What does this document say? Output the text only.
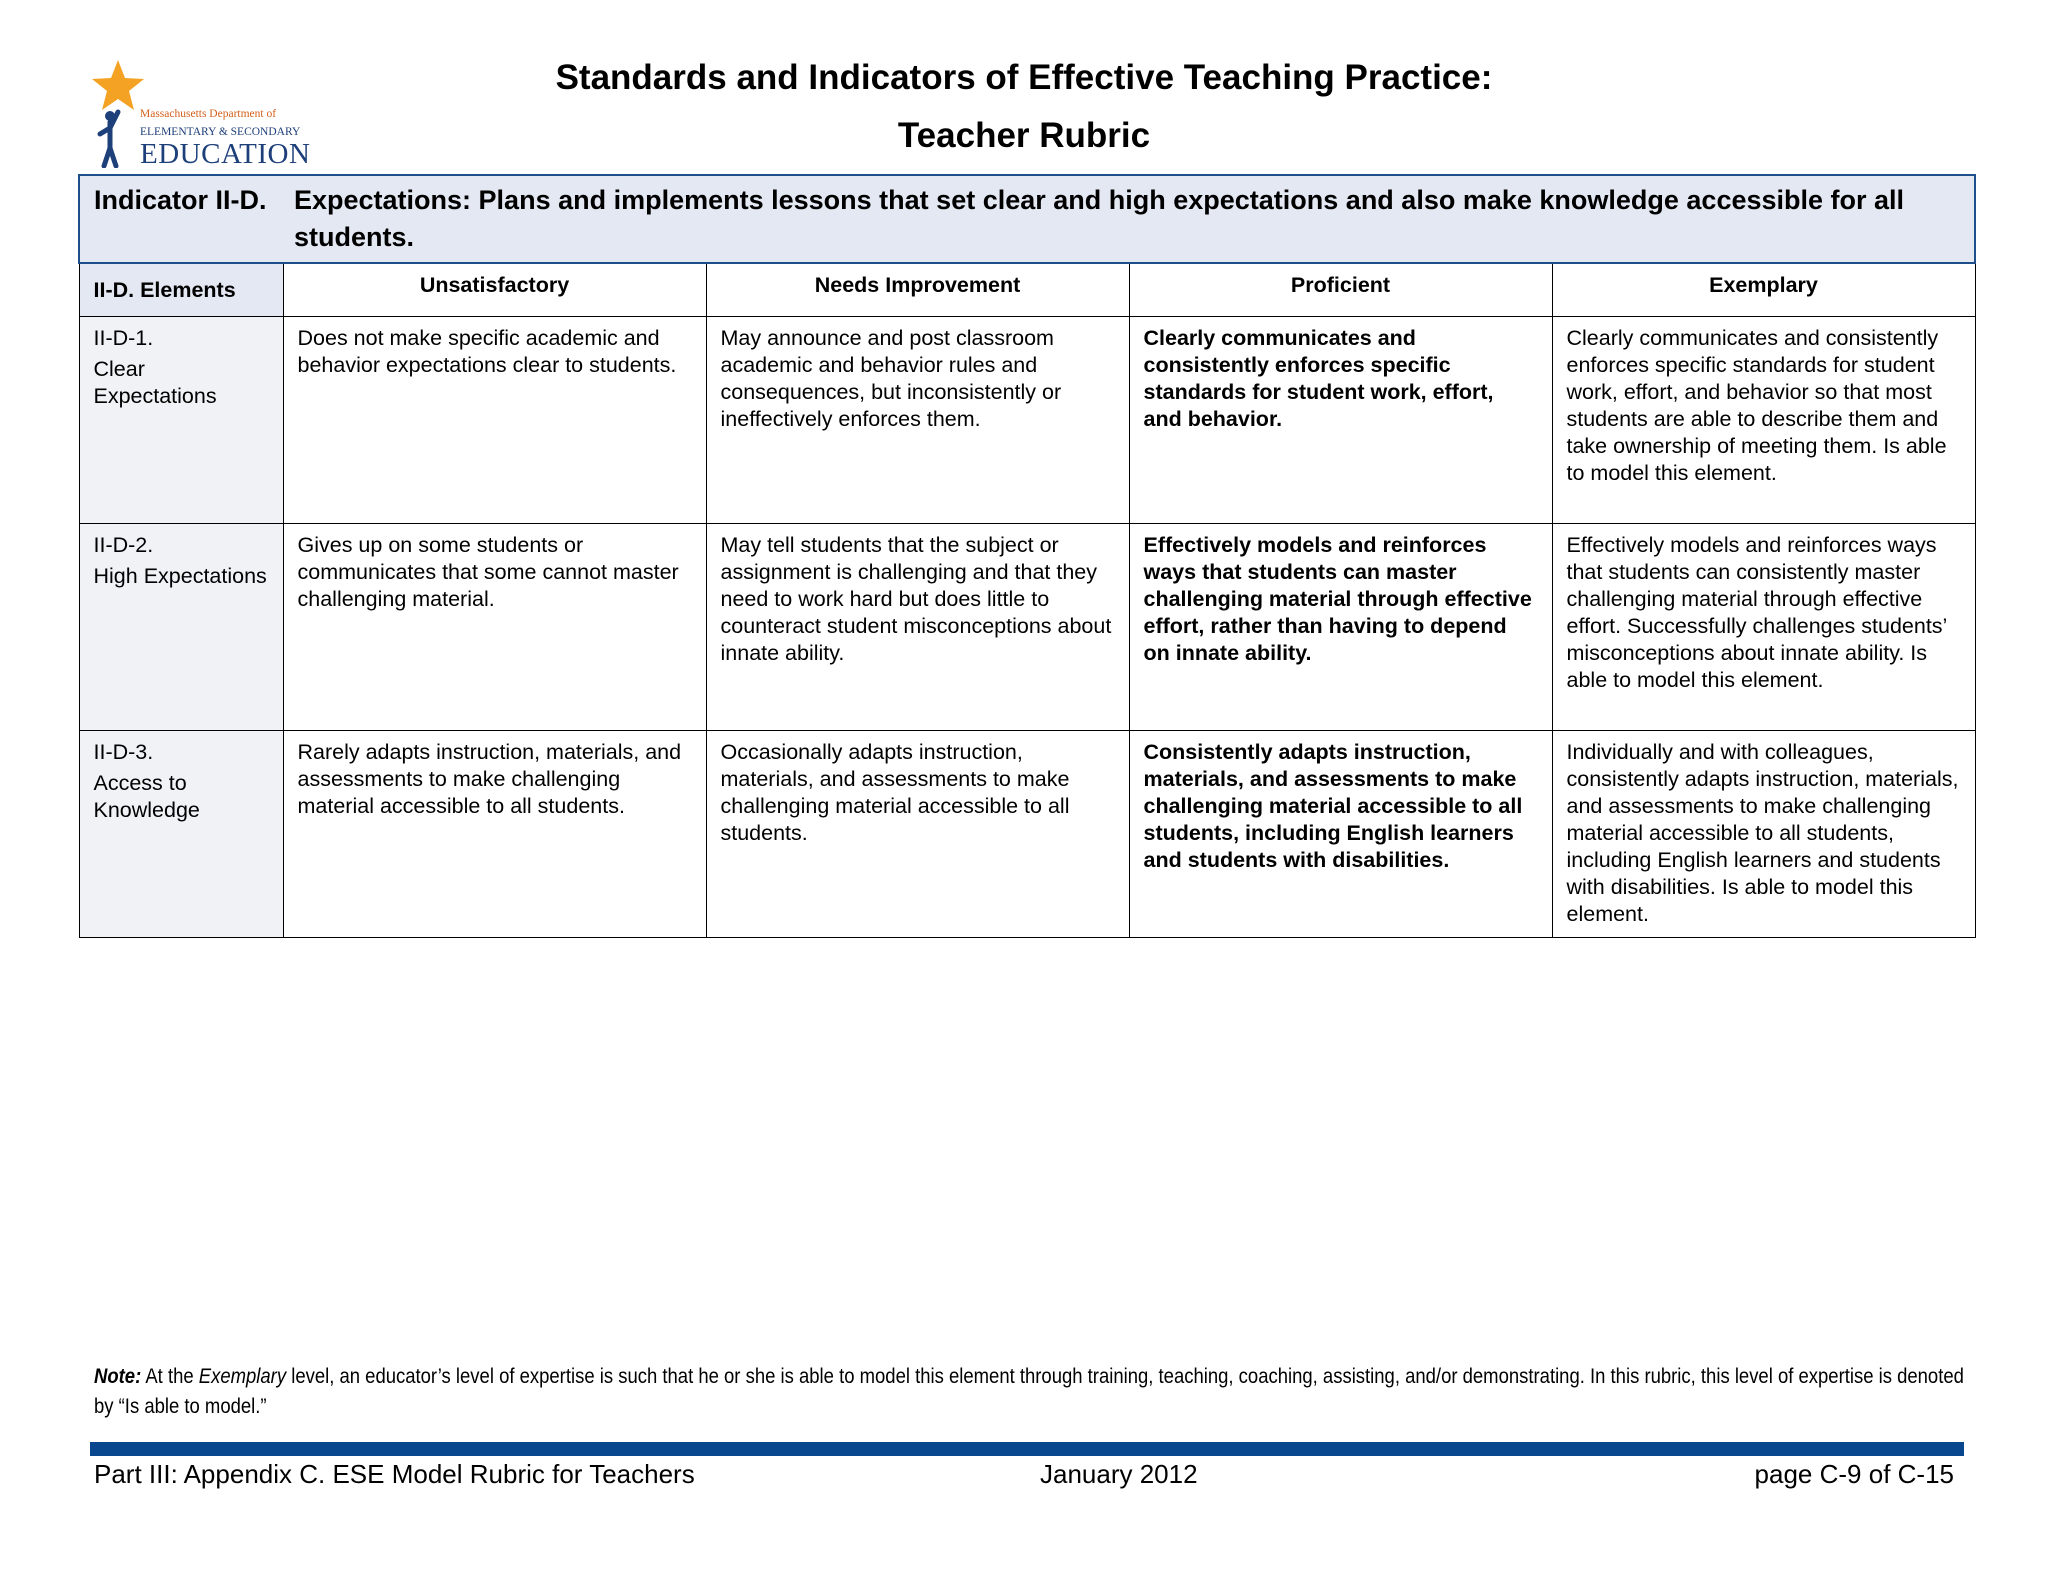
Massachusetts Department of
ELEMENTARY & SECONDARY
EDUCATION
Standards and Indicators of Effective Teaching Practice:
Teacher Rubric
Indicator II-D. Expectations: Plans and implements lessons that set clear and high expectations and also make knowledge accessible for all students.				
II-D. Elements	Unsatisfactory	Needs Improvement	Proficient	Exemplary

II-D-1.
Clear Expectations	Does not make specific academic and behavior expectations clear to students.	May announce and post classroom academic and behavior rules and consequences, but inconsistently or ineffectively enforces them.	Clearly communicates and consistently enforces specific standards for student work, effort, and behavior.	Clearly communicates and consistently enforces specific standards for student work, effort, and behavior so that most students are able to describe them and take ownership of meeting them. Is able to model this element.

II-D-2.
High Expectations	Gives up on some students or communicates that some cannot master challenging material.	May tell students that the subject or assignment is challenging and that they need to work hard but does little to counteract student misconceptions about innate ability.	Effectively models and reinforces ways that students can master challenging material through effective effort, rather than having to depend on innate ability.	Effectively models and reinforces ways that students can consistently master challenging material through effective effort. Successfully challenges students’ misconceptions about innate ability. Is able to model this element.

II-D-3.
Access to Knowledge	Rarely adapts instruction, materials, and assessments to make challenging material accessible to all students.	Occasionally adapts instruction, materials, and assessments to make challenging material accessible to all students.	Consistently adapts instruction, materials, and assessments to make challenging material accessible to all students, including English learners and students with disabilities.	Individually and with colleagues, consistently adapts instruction, materials, and assessments to make challenging material accessible to all students, including English learners and students with disabilities. Is able to model this element.
Note: At the Exemplary level, an educator’s level of expertise is such that he or she is able to model this element through training, teaching, coaching, assisting, and/or demonstrating. In this rubric, this level of expertise is denoted by “Is able to model.”
Part III: Appendix C. ESE Model Rubric for Teachers	January 2012	page C-9 of C-15
